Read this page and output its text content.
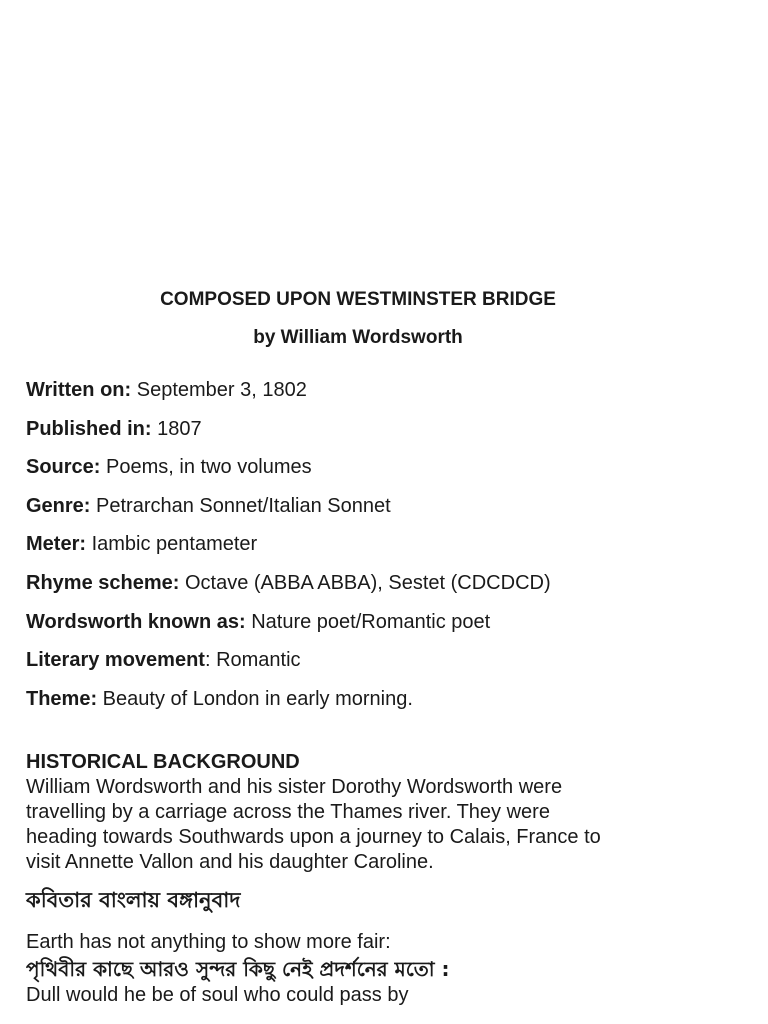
COMPOSED UPON WESTMINSTER BRIDGE
by William Wordsworth
Written on: September 3, 1802
Published in: 1807
Source: Poems, in two volumes
Genre: Petrarchan Sonnet/Italian Sonnet
Meter: Iambic pentameter
Rhyme scheme: Octave (ABBA ABBA), Sestet (CDCDCD)
Wordsworth known as: Nature poet/Romantic poet
Literary movement: Romantic
Theme: Beauty of London in early morning.
HISTORICAL BACKGROUND

William Wordsworth and his sister Dorothy Wordsworth were
travelling by a carriage across the Thames river. They were
heading towards Southwards upon a journey to Calais, France to
visit Annette Vallon and his daughter Caroline.

কবিতার বাংলায় বঙ্গানুবাদ
Earth has not anything to show more fair:
পৃথিবীর কাছে আরও সুন্দর কিছু নেই প্রদর্শনের মতো :
Dull would he be of soul who could pass by
